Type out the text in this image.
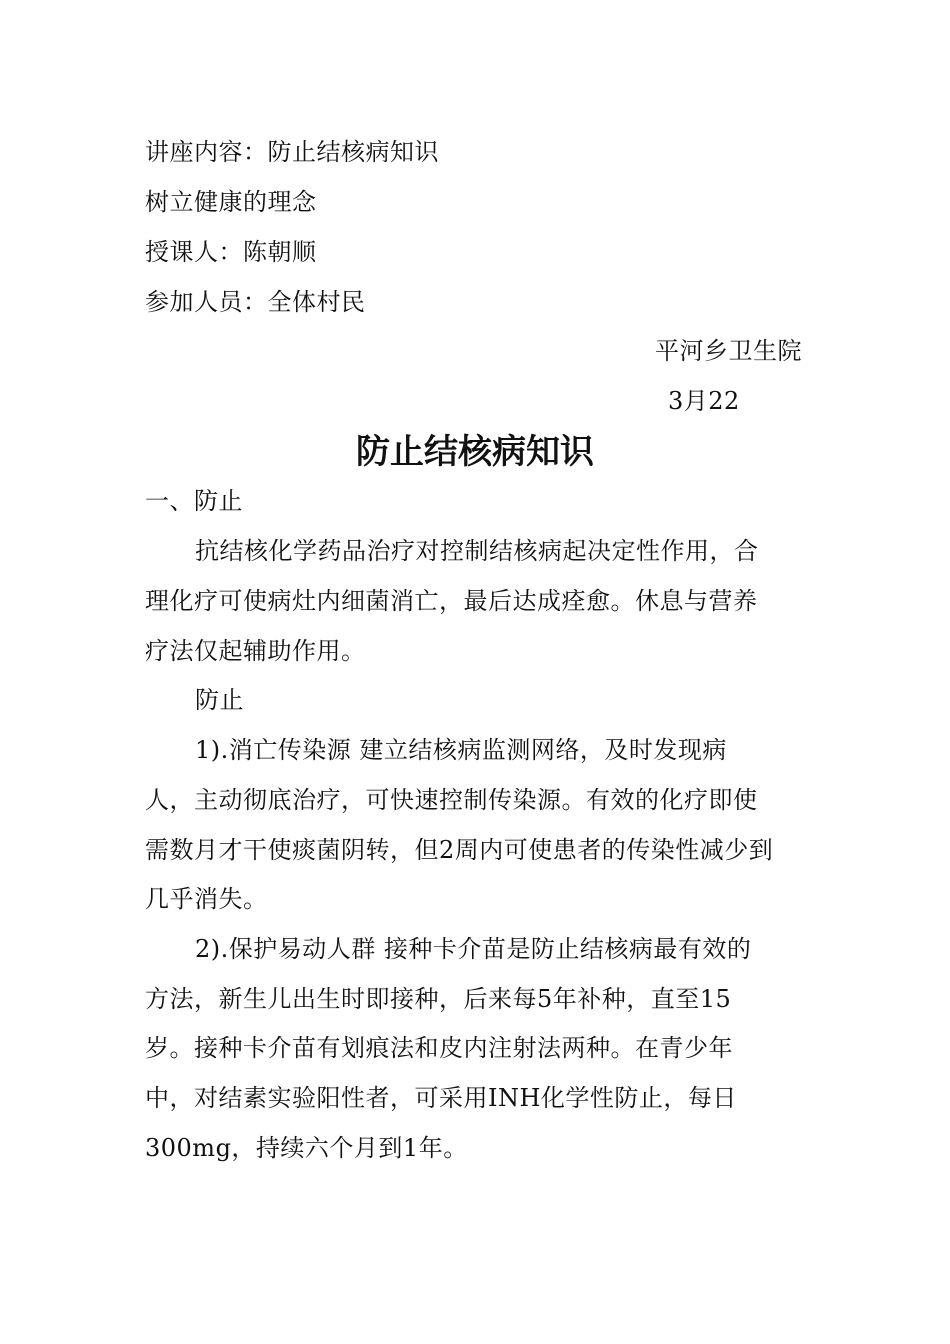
讲座内容：防止结核病知识
树立健康的理念
授课人：陈朝顺
参加人员：全体村民
平河乡卫生院
3月22
防止结核病知识
一、防止
抗结核化学药品治疗对控制结核病起决定性作用，合
理化疗可使病灶内细菌消亡，最后达成痊愈。休息与营养
疗法仅起辅助作用。
防止
1).消亡传染源 建立结核病监测网络，及时发现病
人，主动彻底治疗，可快速控制传染源。有效的化疗即使
需数月才干使痰菌阴转，但2周内可使患者的传染性减少到
几乎消失。
2).保护易动人群 接种卡介苗是防止结核病最有效的
方法，新生儿出生时即接种，后来每5年补种，直至15
岁。接种卡介苗有划痕法和皮内注射法两种。在青少年
中，对结素实验阳性者，可采用INH化学性防止，每日
300mg，持续六个月到1年。
